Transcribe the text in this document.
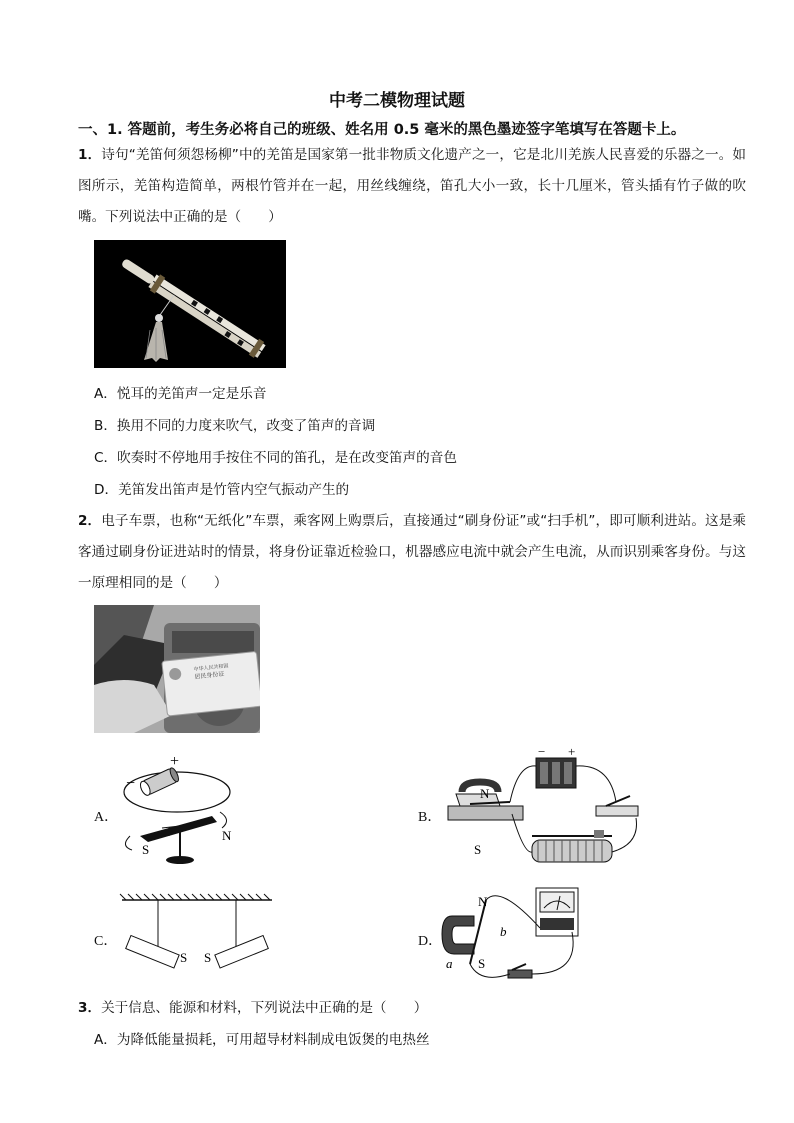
中考二模物理试题
一、1. 答题前，考生务必将自己的班级、姓名用 0.5 毫米的黑色墨迹签字笔填写在答题卡上。
1．诗句“羌笛何须怨杨柳”中的羌笛是国家第一批非物质文化遗产之一，它是北川羌族人民喜爱的乐器之一。如图所示，羌笛构造简单，两根竹管并在一起，用丝线缠绕，笛孔大小一致，长十几厘米，管头插有竹子做的吹嘴。下列说法中正确的是（　　）
A．悦耳的羌笛声一定是乐音
B．换用不同的力度来吹气，改变了笛声的音调
C．吹奏时不停地用手按住不同的笛孔，是在改变笛声的音色
D．羌笛发出笛声是竹管内空气振动产生的
2．电子车票，也称“无纸化”车票，乘客网上购票后，直接通过“刷身份证”或“扫手机”，即可顺利进站。这是乘客通过刷身份证进站时的情景，将身份证靠近检验口，机器感应电流中就会产生电流，从而识别乘客身份。与这一原理相同的是（　　）
中华人民共和国
居民身份证
A．
+
−
S
N
B．
N
S
− +
C．
S S
D．
N
S
a
b
3．关于信息、能源和材料，下列说法中正确的是（　　）
A．为降低能量损耗，可用超导材料制成电饭煲的电热丝
